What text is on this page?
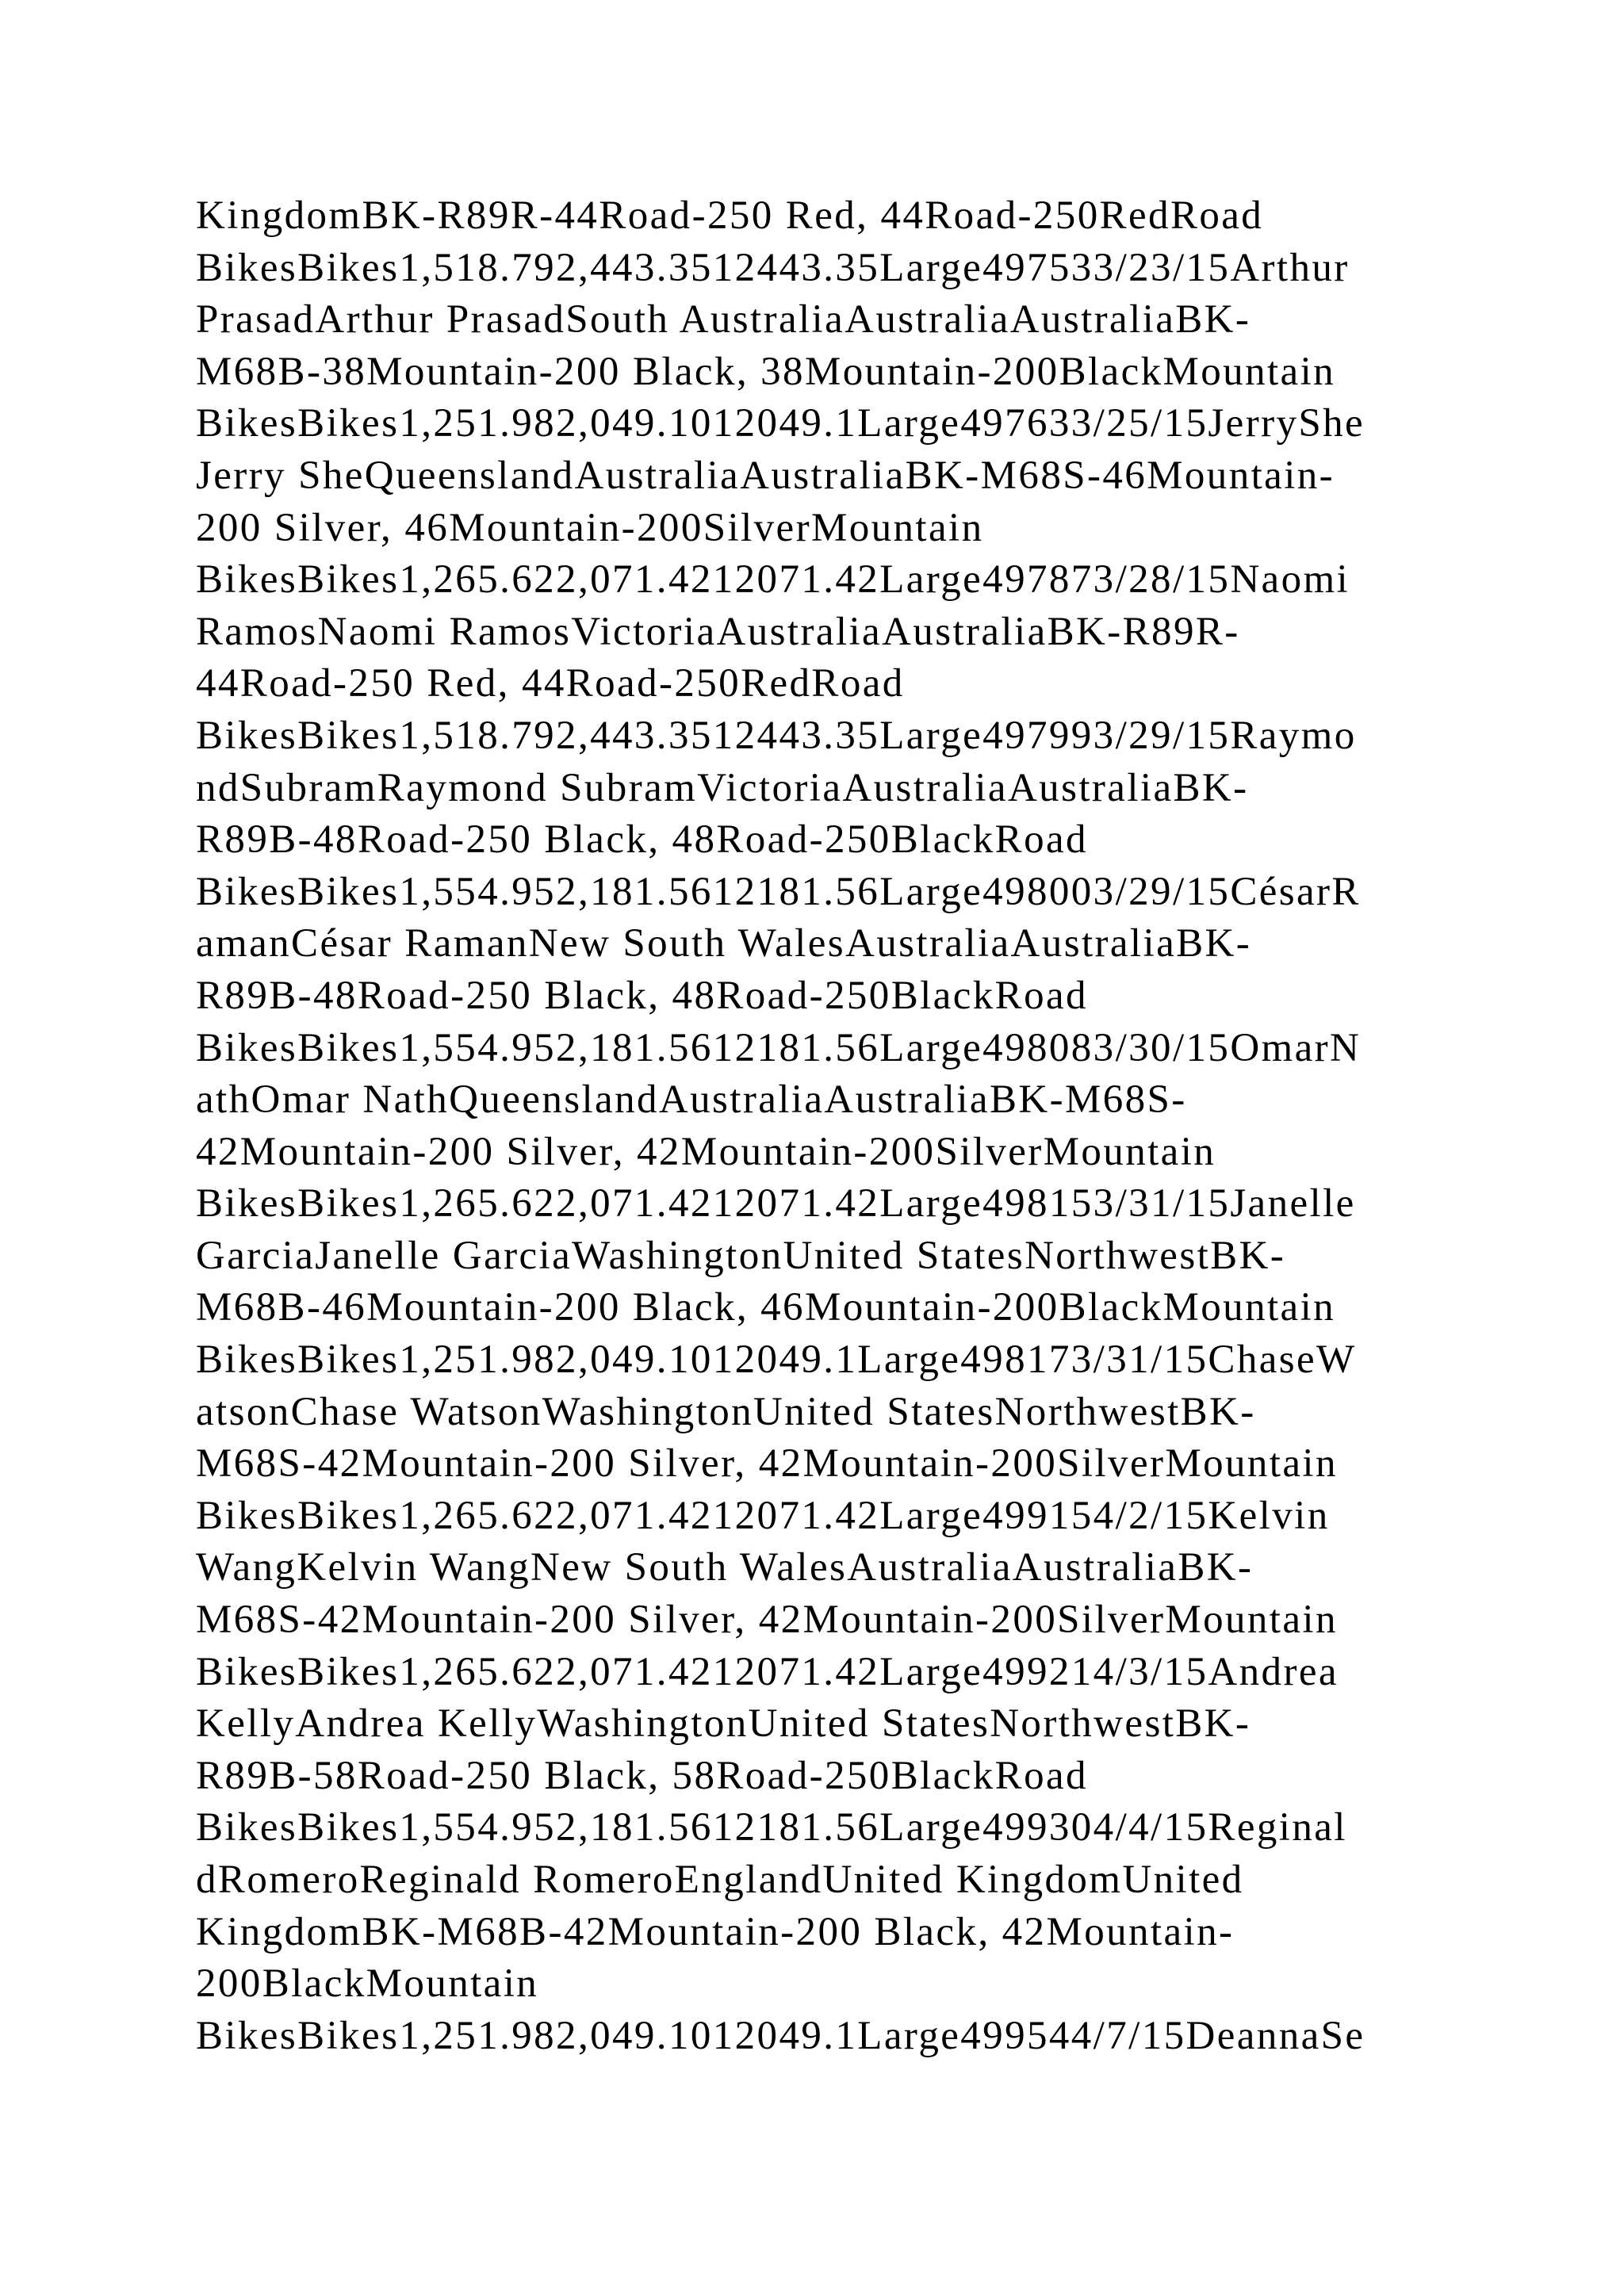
KingdomBK-R89R-44Road-250 Red, 44Road-250RedRoad
BikesBikes1,518.792,443.3512443.35Large497533/23/15Arthur
PrasadArthur PrasadSouth AustraliaAustraliaAustraliaBK-
M68B-38Mountain-200 Black, 38Mountain-200BlackMountain
BikesBikes1,251.982,049.1012049.1Large497633/25/15JerryShe
Jerry SheQueenslandAustraliaAustraliaBK-M68S-46Mountain-
200 Silver, 46Mountain-200SilverMountain
BikesBikes1,265.622,071.4212071.42Large497873/28/15Naomi
RamosNaomi RamosVictoriaAustraliaAustraliaBK-R89R-
44Road-250 Red, 44Road-250RedRoad
BikesBikes1,518.792,443.3512443.35Large497993/29/15Raymo
ndSubramRaymond SubramVictoriaAustraliaAustraliaBK-
R89B-48Road-250 Black, 48Road-250BlackRoad
BikesBikes1,554.952,181.5612181.56Large498003/29/15CésarR
amanCésar RamanNew South WalesAustraliaAustraliaBK-
R89B-48Road-250 Black, 48Road-250BlackRoad
BikesBikes1,554.952,181.5612181.56Large498083/30/15OmarN
athOmar NathQueenslandAustraliaAustraliaBK-M68S-
42Mountain-200 Silver, 42Mountain-200SilverMountain
BikesBikes1,265.622,071.4212071.42Large498153/31/15Janelle
GarciaJanelle GarciaWashingtonUnited StatesNorthwestBK-
M68B-46Mountain-200 Black, 46Mountain-200BlackMountain
BikesBikes1,251.982,049.1012049.1Large498173/31/15ChaseW
atsonChase WatsonWashingtonUnited StatesNorthwestBK-
M68S-42Mountain-200 Silver, 42Mountain-200SilverMountain
BikesBikes1,265.622,071.4212071.42Large499154/2/15Kelvin
WangKelvin WangNew South WalesAustraliaAustraliaBK-
M68S-42Mountain-200 Silver, 42Mountain-200SilverMountain
BikesBikes1,265.622,071.4212071.42Large499214/3/15Andrea
KellyAndrea KellyWashingtonUnited StatesNorthwestBK-
R89B-58Road-250 Black, 58Road-250BlackRoad
BikesBikes1,554.952,181.5612181.56Large499304/4/15Reginal
dRomeroReginald RomeroEnglandUnited KingdomUnited
KingdomBK-M68B-42Mountain-200 Black, 42Mountain-
200BlackMountain
BikesBikes1,251.982,049.1012049.1Large499544/7/15DeannaSe
